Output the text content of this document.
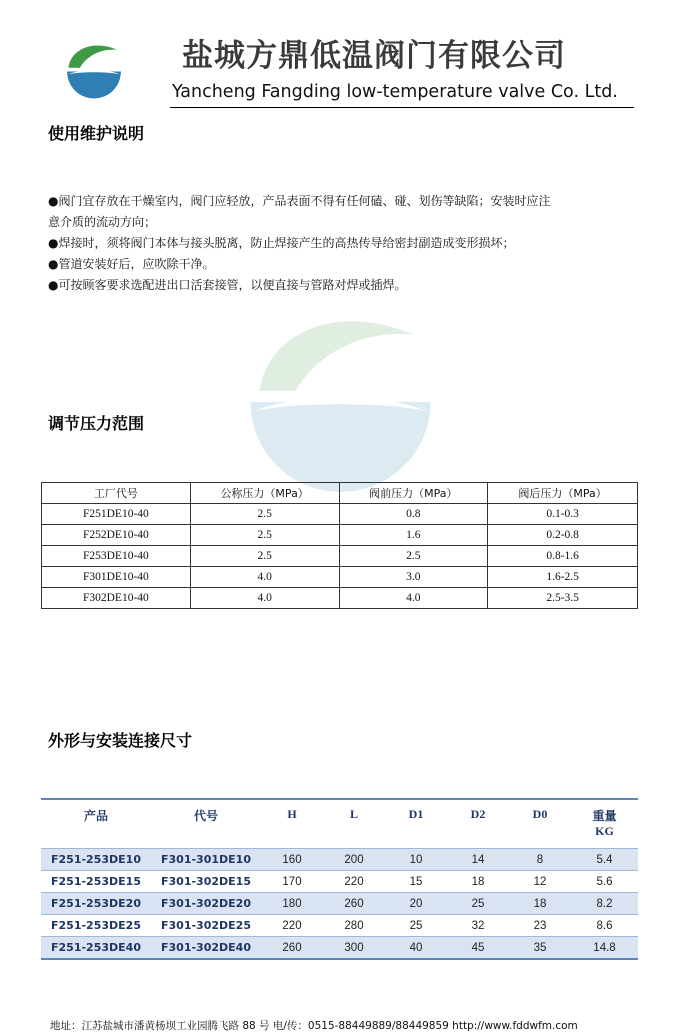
盐城方鼎低温阀门有限公司
Yancheng Fangding low-temperature valve Co. Ltd.
使用维护说明
●阀门宜存放在干燥室内，阀门应轻放，产品表面不得有任何磕、碰、划伤等缺陷；安装时应注
意介质的流动方向；
●焊接时，须将阀门本体与接头脱离，防止焊接产生的高热传导给密封副造成变形损坏；
●管道安装好后，应吹除干净。
●可按顾客要求选配进出口活套接管，以便直接与管路对焊或插焊。
调节压力范围
工厂代号	公称压力（MPa）	阀前压力（MPa）	阀后压力（MPa）
F251DE10-40	2.5	0.8	0.1-0.3
F252DE10-40	2.5	1.6	0.2-0.8
F253DE10-40	2.5	2.5	0.8-1.6
F301DE10-40	4.0	3.0	1.6-2.5
F302DE10-40	4.0	4.0	2.5-3.5
外形与安装连接尺寸
产品	代号	H	L	D1	D2	D0	重量
KG

F251-253DE10	F301-301DE10	160	200	10	14	8	5.4
F251-253DE15	F301-302DE15	170	220	15	18	12	5.6
F251-253DE20	F301-302DE20	180	260	20	25	18	8.2
F251-253DE25	F301-302DE25	220	280	25	32	23	8.6
F251-253DE40	F301-302DE40	260	300	40	45	35	14.8
地址：江苏盐城市潘黄杨坝工业园腾飞路 88 号 电/传：0515-88449889/88449859 http://www.fddwfm.com
